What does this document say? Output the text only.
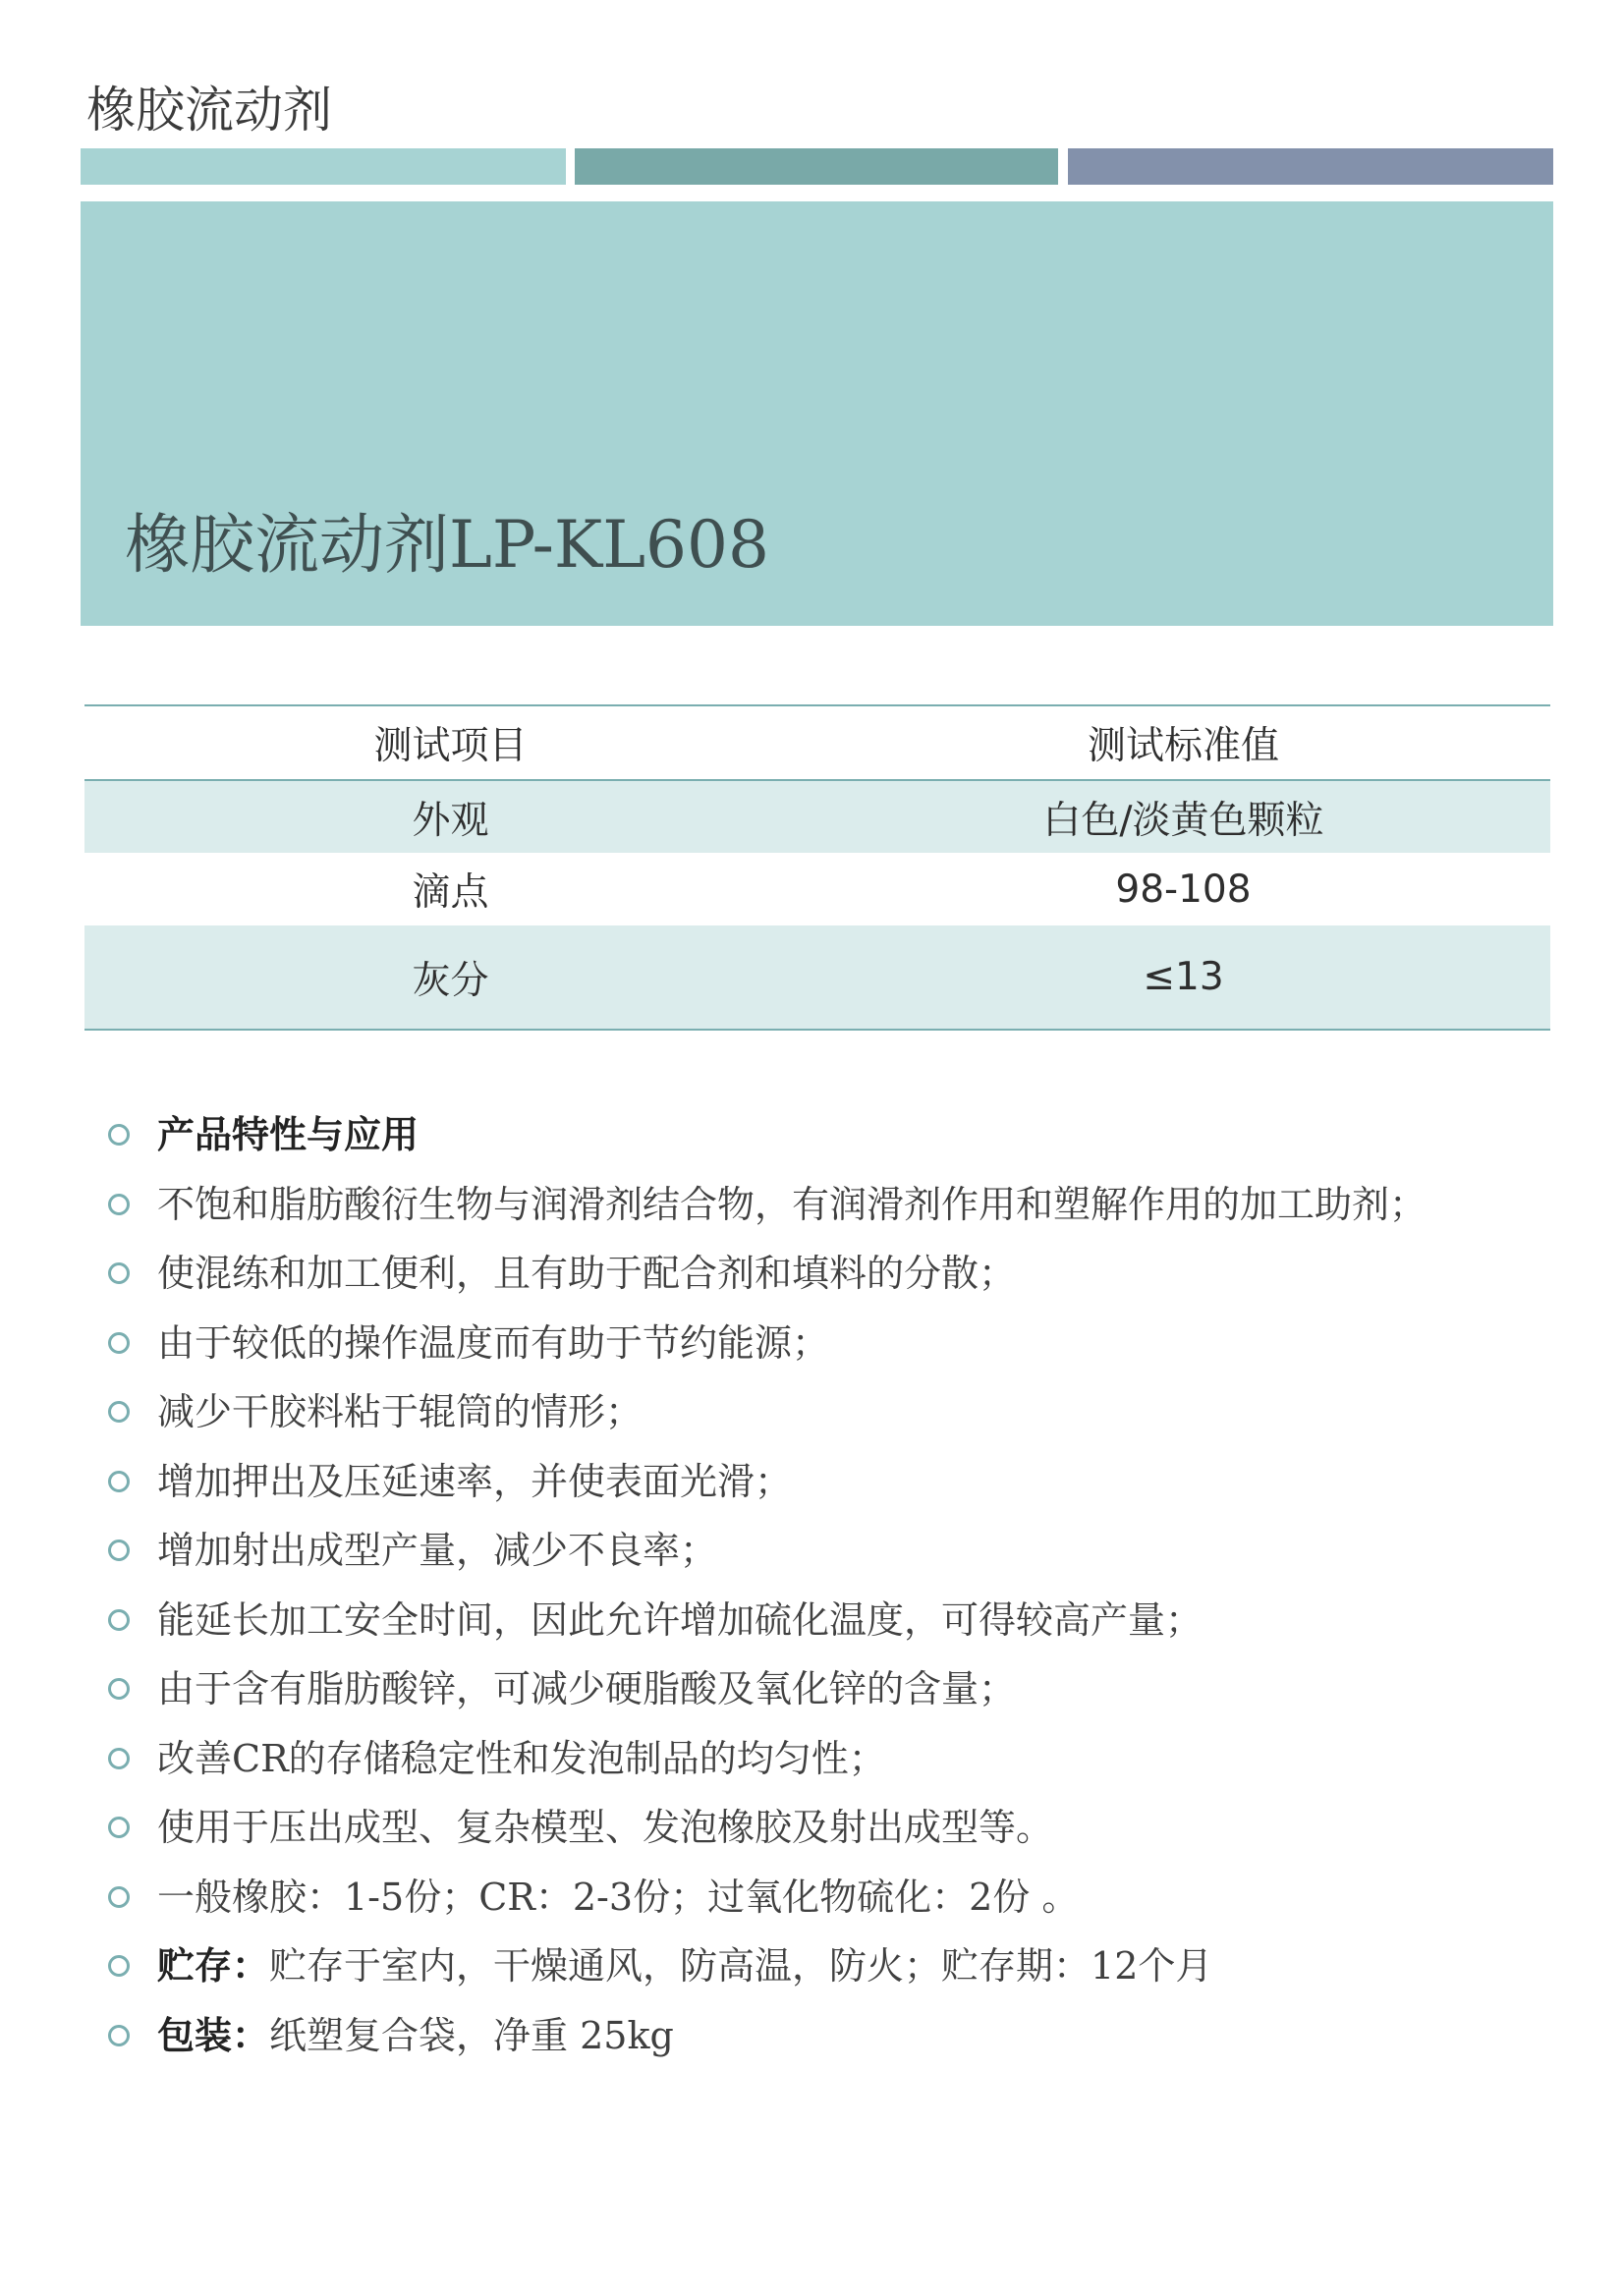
橡胶流动剂
橡胶流动剂LP-KL608
测试项目	测试标准值
外观	白色/淡黄色颗粒
滴点	98-108
灰分	≤13
产品特性与应用
不饱和脂肪酸衍生物与润滑剂结合物，有润滑剂作用和塑解作用的加工助剂；
使混练和加工便利，且有助于配合剂和填料的分散；
由于较低的操作温度而有助于节约能源；
减少干胶料粘于辊筒的情形；
增加押出及压延速率，并使表面光滑；
增加射出成型产量，减少不良率；
能延长加工安全时间，因此允许增加硫化温度，可得较高产量；
由于含有脂肪酸锌，可减少硬脂酸及氧化锌的含量；
改善CR的存储稳定性和发泡制品的均匀性；
使用于压出成型、复杂模型、发泡橡胶及射出成型等。
一般橡胶：1-5份；CR：2-3份；过氧化物硫化：2份 。
贮存： 贮存于室内，干燥通风，防高温，防火；贮存期：12个月
包装： 纸塑复合袋，净重 25kg
